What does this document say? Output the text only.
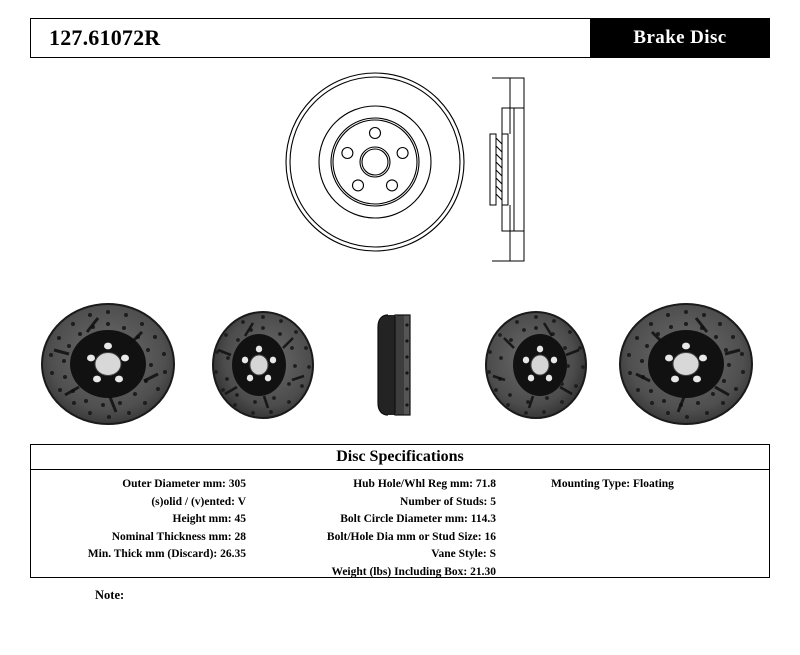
127.61072R	Brake Disc
Disc Specifications
Outer Diameter mm: 305
(s)olid / (v)ented: V
Height mm: 45
Nominal Thickness mm: 28
Min. Thick mm (Discard): 26.35
Hub Hole/Whl Reg mm: 71.8
Number of Studs: 5
Bolt Circle Diameter mm: 114.3
Bolt/Hole Dia mm or Stud Size: 16
Vane Style: S
Weight (lbs) Including Box: 21.30
Mounting Type: Floating
Note:
